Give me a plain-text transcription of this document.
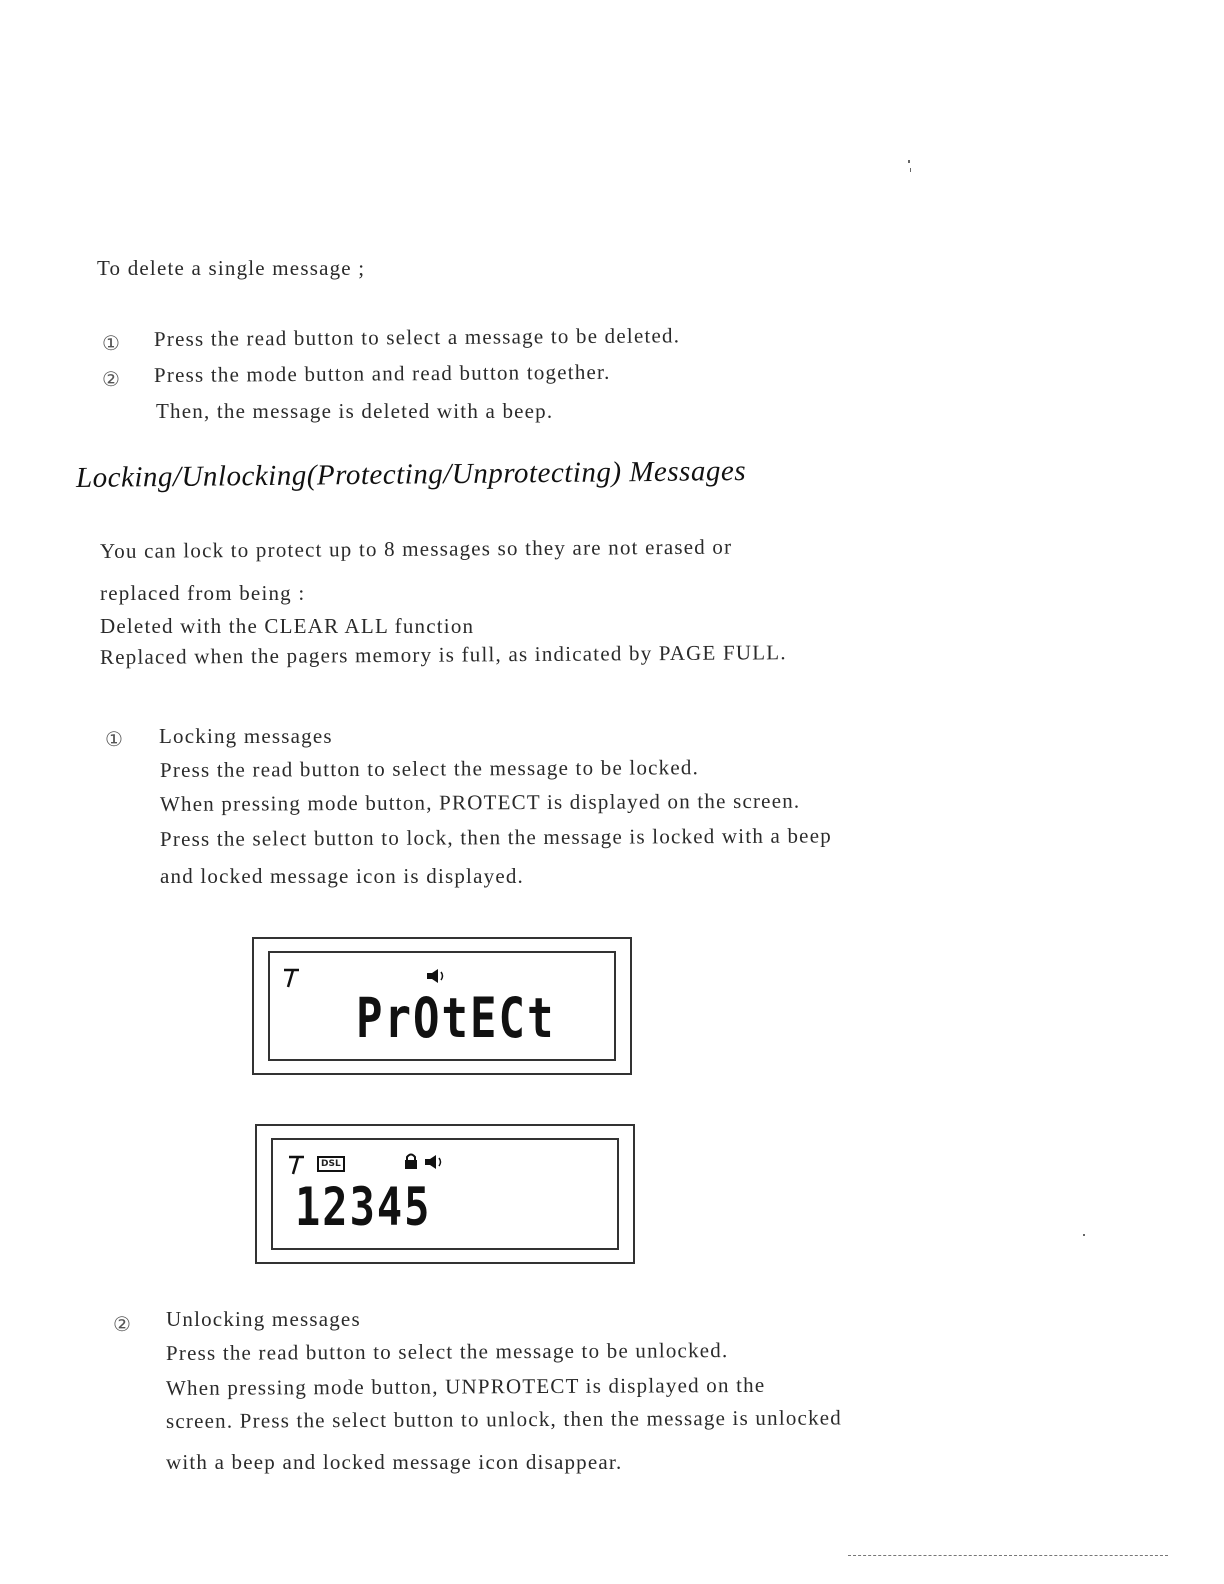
To delete a single message ;
① Press the read button to select a message to be deleted.
② Press the mode button and read button together.
Then, the message is deleted with a beep.
Locking/Unlocking(Protecting/Unprotecting) Messages
You can lock to protect up to 8 messages so they are not erased or
replaced from being :
Deleted with the CLEAR ALL function
Replaced when the pagers memory is full, as indicated by PAGE FULL.
① Locking messages
Press the read button to select the message to be locked.
When pressing mode button, PROTECT is displayed on the screen.
Press the select button to lock, then the message is locked with a beep
and locked message icon is displayed.
PrOtECt
DSL
12345
② Unlocking messages
Press the read button to select the message to be unlocked.
When pressing mode button, UNPROTECT is displayed on the
screen. Press the select button to unlock, then the message is unlocked
with a beep and locked message icon disappear.
